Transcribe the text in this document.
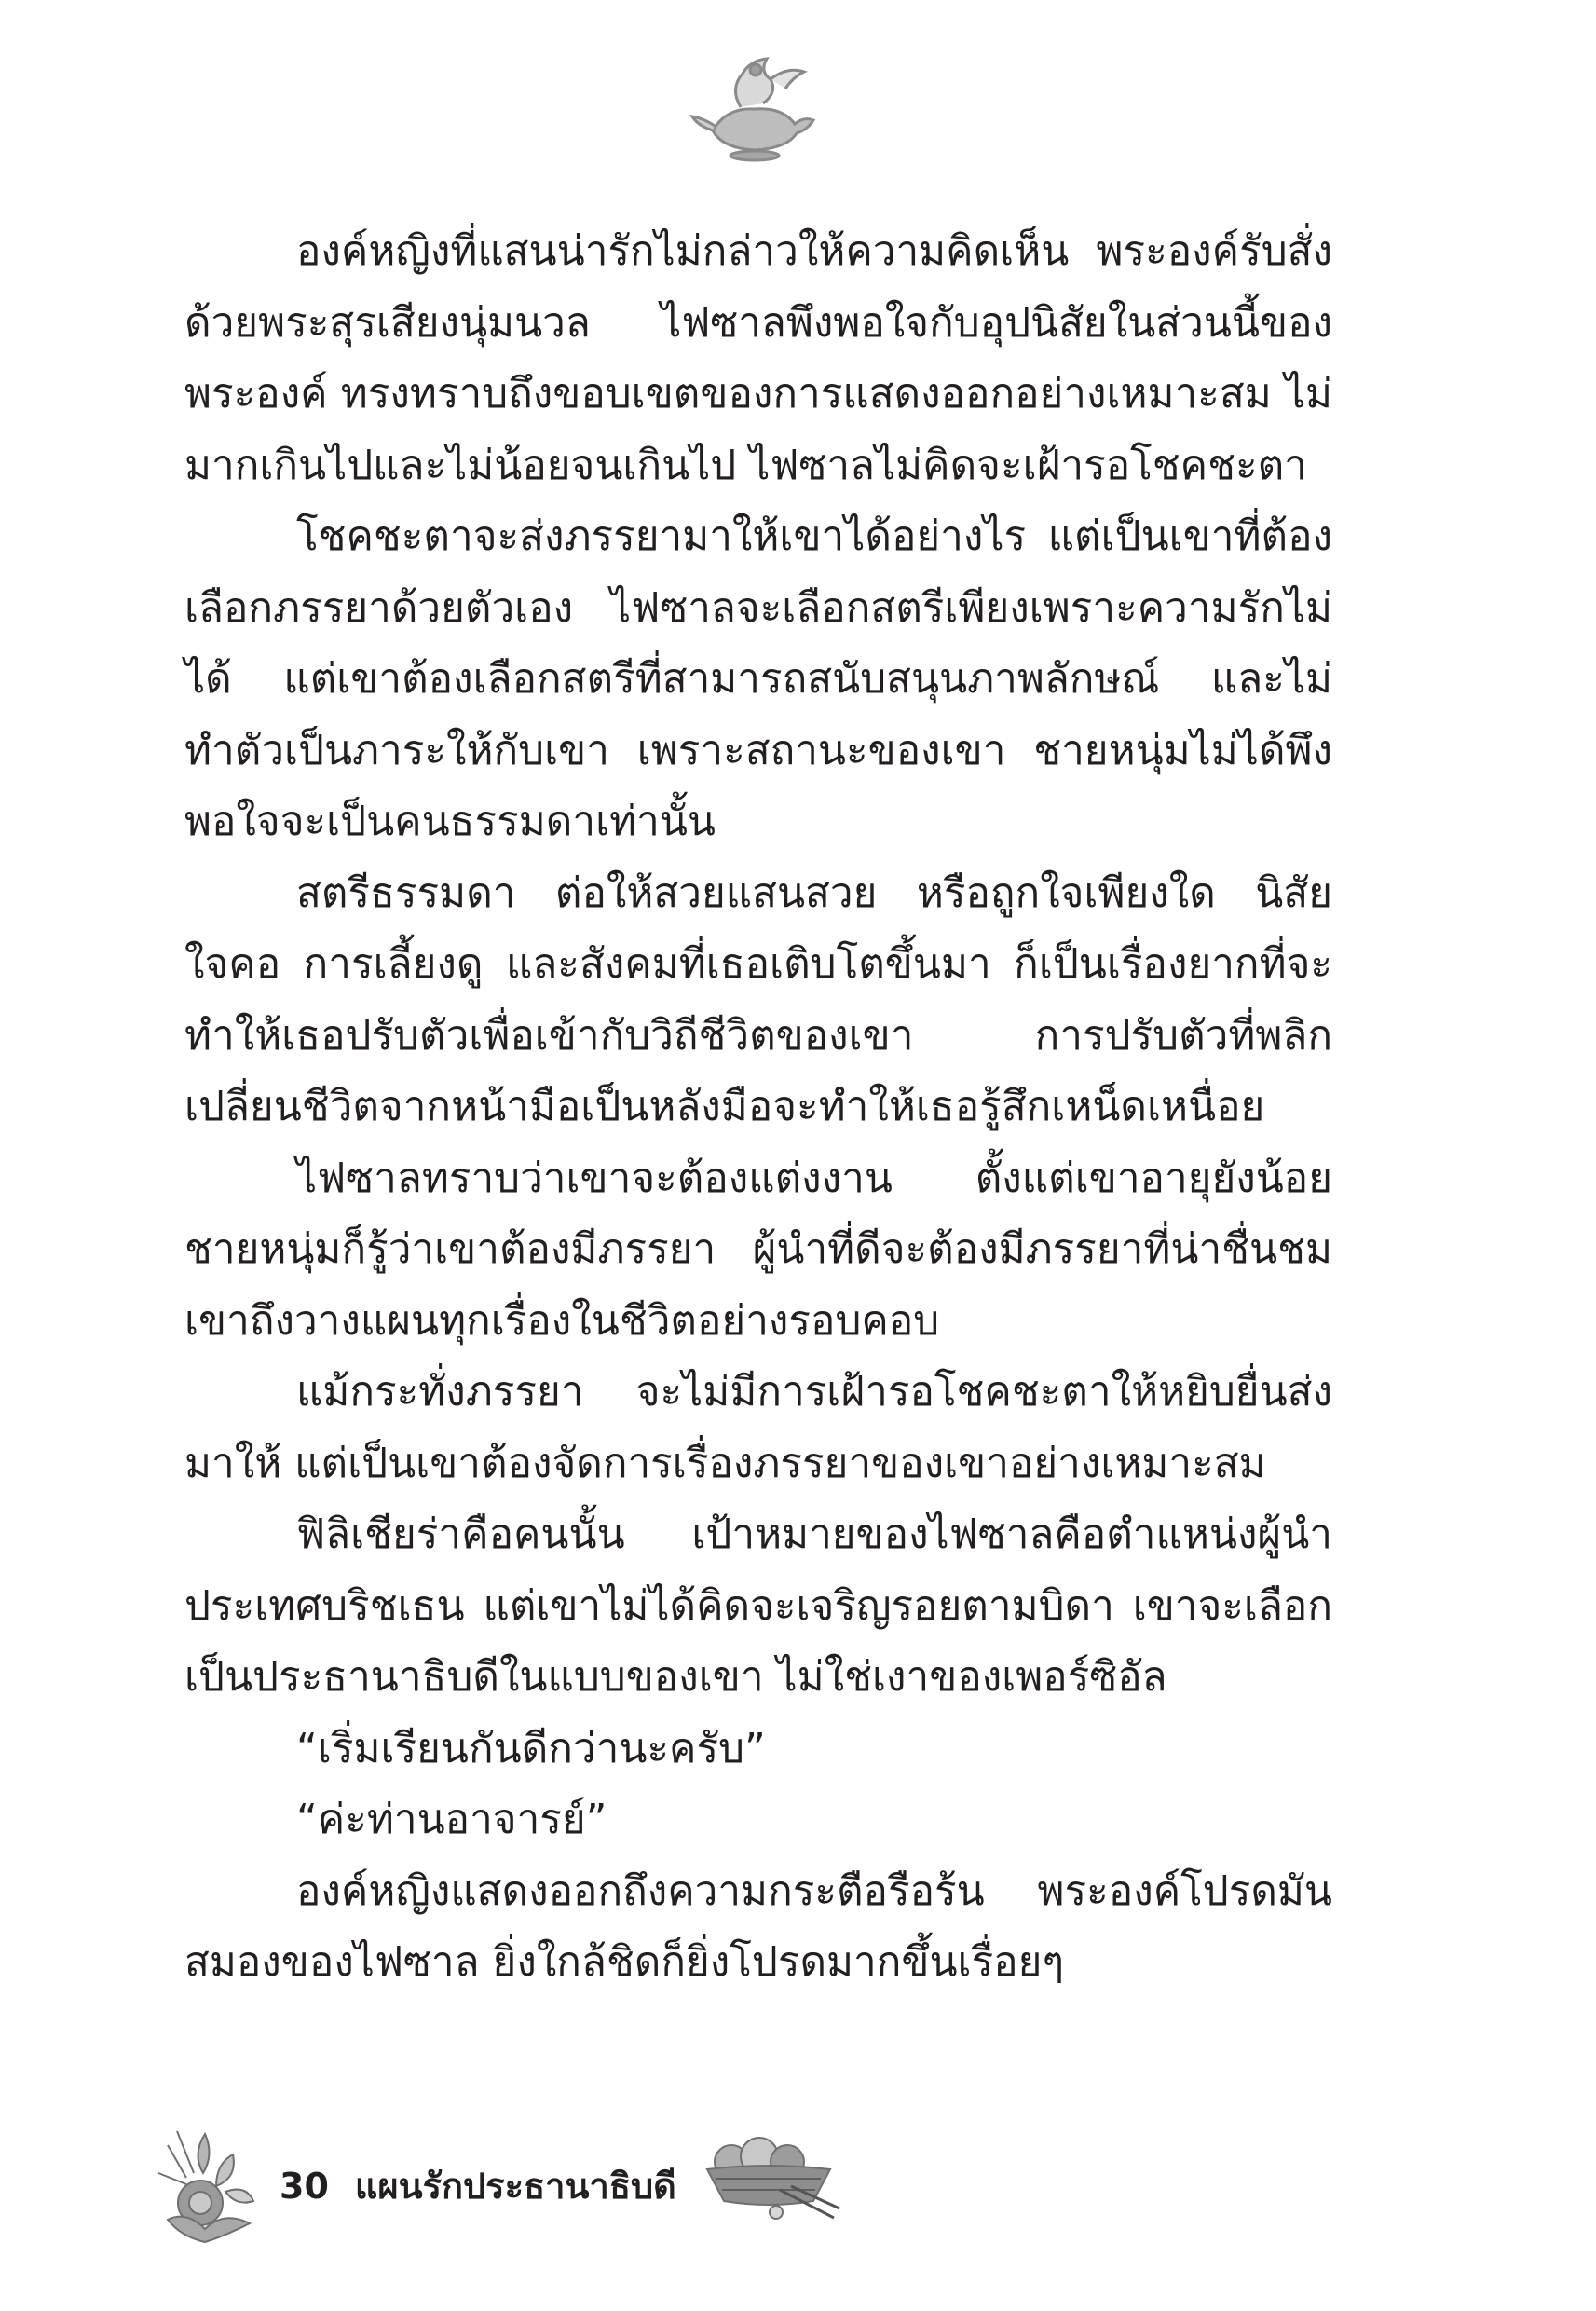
องค์หญิงที่แสนน่ารักไม่กล่าวให้ความคิดเห็น พระองค์รับสั่งด้วยพระสุรเสียงนุ่มนวล ไฟซาลพึงพอใจกับอุปนิสัยในส่วนนี้ของพระองค์ ทรงทราบถึงขอบเขตของการแสดงออกอย่างเหมาะสม ไม่มากเกินไปและไม่น้อยจนเกินไป ไฟซาลไม่คิดจะเฝ้ารอโชคชะตา

โชคชะตาจะส่งภรรยามาให้เขาได้อย่างไร แต่เป็นเขาที่ต้องเลือกภรรยาด้วยตัวเอง ไฟซาลจะเลือกสตรีเพียงเพราะความรักไม่ได้ แต่เขาต้องเลือกสตรีที่สามารถสนับสนุนภาพลักษณ์ และไม่ทำตัวเป็นภาระให้กับเขา เพราะสถานะของเขา ชายหนุ่มไม่ได้พึงพอใจจะเป็นคนธรรมดาเท่านั้น

สตรีธรรมดา ต่อให้สวยแสนสวย หรือถูกใจเพียงใด นิสัยใจคอ การเลี้ยงดู และสังคมที่เธอเติบโตขึ้นมา ก็เป็นเรื่องยากที่จะทำให้เธอปรับตัวเพื่อเข้ากับวิถีชีวิตของเขา การปรับตัวที่พลิกเปลี่ยนชีวิตจากหน้ามือเป็นหลังมือจะทำให้เธอรู้สึกเหน็ดเหนื่อย

ไฟซาลทราบว่าเขาจะต้องแต่งงาน ตั้งแต่เขาอายุยังน้อย ชายหนุ่มก็รู้ว่าเขาต้องมีภรรยา ผู้นำที่ดีจะต้องมีภรรยาที่น่าชื่นชม เขาถึงวางแผนทุกเรื่องในชีวิตอย่างรอบคอบ

แม้กระทั่งภรรยา จะไม่มีการเฝ้ารอโชคชะตาให้หยิบยื่นส่งมาให้ แต่เป็นเขาต้องจัดการเรื่องภรรยาของเขาอย่างเหมาะสม

ฟิลิเชียร่าคือคนนั้น เป้าหมายของไฟซาลคือตำแหน่งผู้นำประเทศบริชเธน แต่เขาไม่ได้คิดจะเจริญรอยตามบิดา เขาจะเลือกเป็นประธานาธิบดีในแบบของเขา ไม่ใช่เงาของเพอร์ซิอัล

“เริ่มเรียนกันดีกว่านะครับ”

“ค่ะท่านอาจารย์”

องค์หญิงแสดงออกถึงความกระตือรือร้น พระองค์โปรดมันสมองของไฟซาล ยิ่งใกล้ชิดก็ยิ่งโปรดมากขึ้นเรื่อยๆ

30 แผนรักประธานาธิบดี
